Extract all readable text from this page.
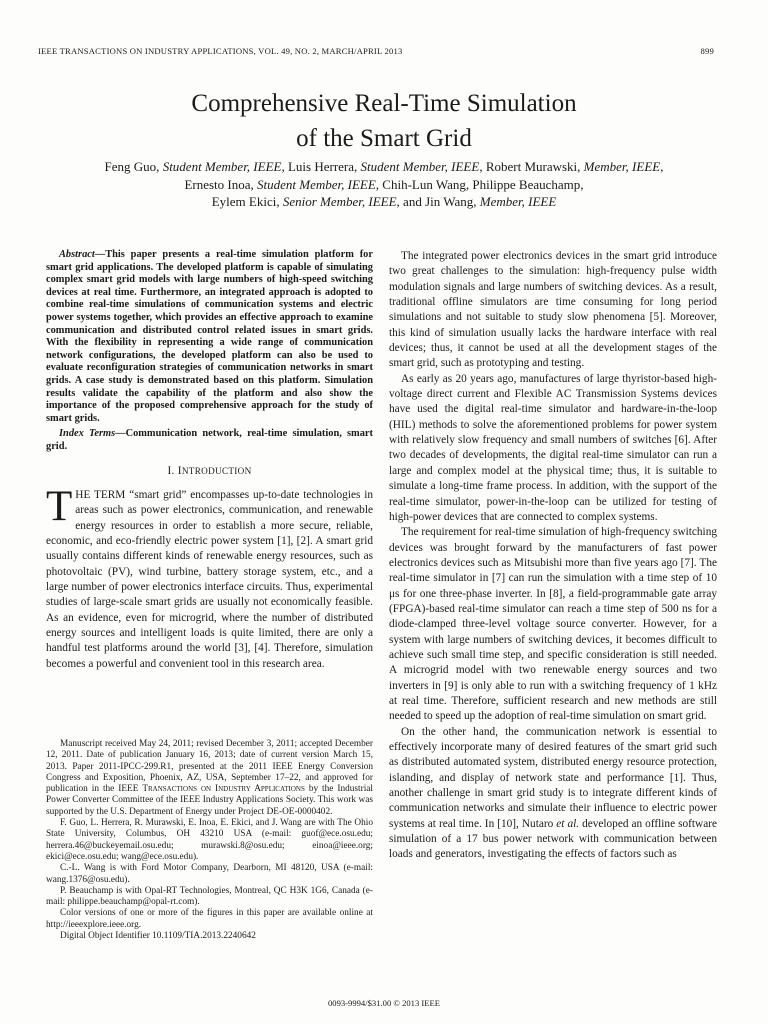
IEEE TRANSACTIONS ON INDUSTRY APPLICATIONS, VOL. 49, NO. 2, MARCH/APRIL 2013	899
Comprehensive Real-Time Simulation
of the Smart Grid
Feng Guo, Student Member, IEEE, Luis Herrera, Student Member, IEEE, Robert Murawski, Member, IEEE,
Ernesto Inoa, Student Member, IEEE, Chih-Lun Wang, Philippe Beauchamp,
Eylem Ekici, Senior Member, IEEE, and Jin Wang, Member, IEEE

Abstract—This paper presents a real-time simulation platform for smart grid applications. The developed platform is capable of simulating complex smart grid models with large numbers of high-speed switching devices at real time. Furthermore, an integrated approach is adopted to combine real-time simulations of communication systems and electric power systems together, which provides an effective approach to examine communication and distributed control related issues in smart grids. With the flexibility in representing a wide range of communication network configurations, the developed platform can also be used to evaluate reconfiguration strategies of communication networks in smart grids. A case study is demonstrated based on this platform. Simulation results validate the capability of the platform and also show the importance of the proposed comprehensive approach for the study of smart grids.

Index Terms—Communication network, real-time simulation, smart grid.

I. INTRODUCTION

THE TERM “smart grid” encompasses up-to-date technologies in areas such as power electronics, communication, and renewable energy resources in order to establish a more secure, reliable, economic, and eco-friendly electric power system [1], [2]. A smart grid usually contains different kinds of renewable energy resources, such as photovoltaic (PV), wind turbine, battery storage system, etc., and a large number of power electronics interface circuits. Thus, experimental studies of large-scale smart grids are usually not economically feasible. As an evidence, even for microgrid, where the number of distributed energy sources and intelligent loads is quite limited, there are only a handful test platforms around the world [3], [4]. Therefore, simulation becomes a powerful and convenient tool in this research area.

Manuscript received May 24, 2011; revised December 3, 2011; accepted December 12, 2011. Date of publication January 16, 2013; date of current version March 15, 2013. Paper 2011-IPCC-299.R1, presented at the 2011 IEEE Energy Conversion Congress and Exposition, Phoenix, AZ, USA, September 17–22, and approved for publication in the IEEE Transactions on Industry Applications by the Industrial Power Converter Committee of the IEEE Industry Applications Society. This work was supported by the U.S. Department of Energy under Project DE-OE-0000402.

F. Guo, L. Herrera, R. Murawski, E. Inoa, E. Ekici, and J. Wang are with The Ohio State University, Columbus, OH 43210 USA (e-mail: guof@ece.osu.edu; herrera.46@buckeyemail.osu.edu; murawski.8@osu.edu; einoa@ieee.org; ekici@ece.osu.edu; wang@ece.osu.edu).

C.-L. Wang is with Ford Motor Company, Dearborn, MI 48120, USA (e-mail: wang.1376@osu.edu).

P. Beauchamp is with Opal-RT Technologies, Montreal, QC H3K 1G6, Canada (e-mail: philippe.beauchamp@opal-rt.com).

Color versions of one or more of the figures in this paper are available online at http://ieeexplore.ieee.org.

Digital Object Identifier 10.1109/TIA.2013.2240642

The integrated power electronics devices in the smart grid introduce two great challenges to the simulation: high-frequency pulse width modulation signals and large numbers of switching devices. As a result, traditional offline simulators are time consuming for long period simulations and not suitable to study slow phenomena [5]. Moreover, this kind of simulation usually lacks the hardware interface with real devices; thus, it cannot be used at all the development stages of the smart grid, such as prototyping and testing.

As early as 20 years ago, manufactures of large thyristor-based high-voltage direct current and Flexible AC Transmission Systems devices have used the digital real-time simulator and hardware-in-the-loop (HIL) methods to solve the aforementioned problems for power system with relatively slow frequency and small numbers of switches [6]. After two decades of developments, the digital real-time simulator can run a large and complex model at the physical time; thus, it is suitable to simulate a long-time frame process. In addition, with the support of the real-time simulator, power-in-the-loop can be utilized for testing of high-power devices that are connected to complex systems.

The requirement for real-time simulation of high-frequency switching devices was brought forward by the manufacturers of fast power electronics devices such as Mitsubishi more than five years ago [7]. The real-time simulator in [7] can run the simulation with a time step of 10 μs for one three-phase inverter. In [8], a field-programmable gate array (FPGA)-based real-time simulator can reach a time step of 500 ns for a diode-clamped three-level voltage source converter. However, for a system with large numbers of switching devices, it becomes difficult to achieve such small time step, and specific consideration is still needed. A microgrid model with two renewable energy sources and two inverters in [9] is only able to run with a switching frequency of 1 kHz at real time. Therefore, sufficient research and new methods are still needed to speed up the adoption of real-time simulation on smart grid.

On the other hand, the communication network is essential to effectively incorporate many of desired features of the smart grid such as distributed automated system, distributed energy resource protection, islanding, and display of network state and performance [1]. Thus, another challenge in smart grid study is to integrate different kinds of communication networks and simulate their influence to electric power systems at real time. In [10], Nutaro et al. developed an offline software simulation of a 17 bus power network with communication between loads and generators, investigating the effects of factors such as

0093-9994/$31.00 © 2013 IEEE
